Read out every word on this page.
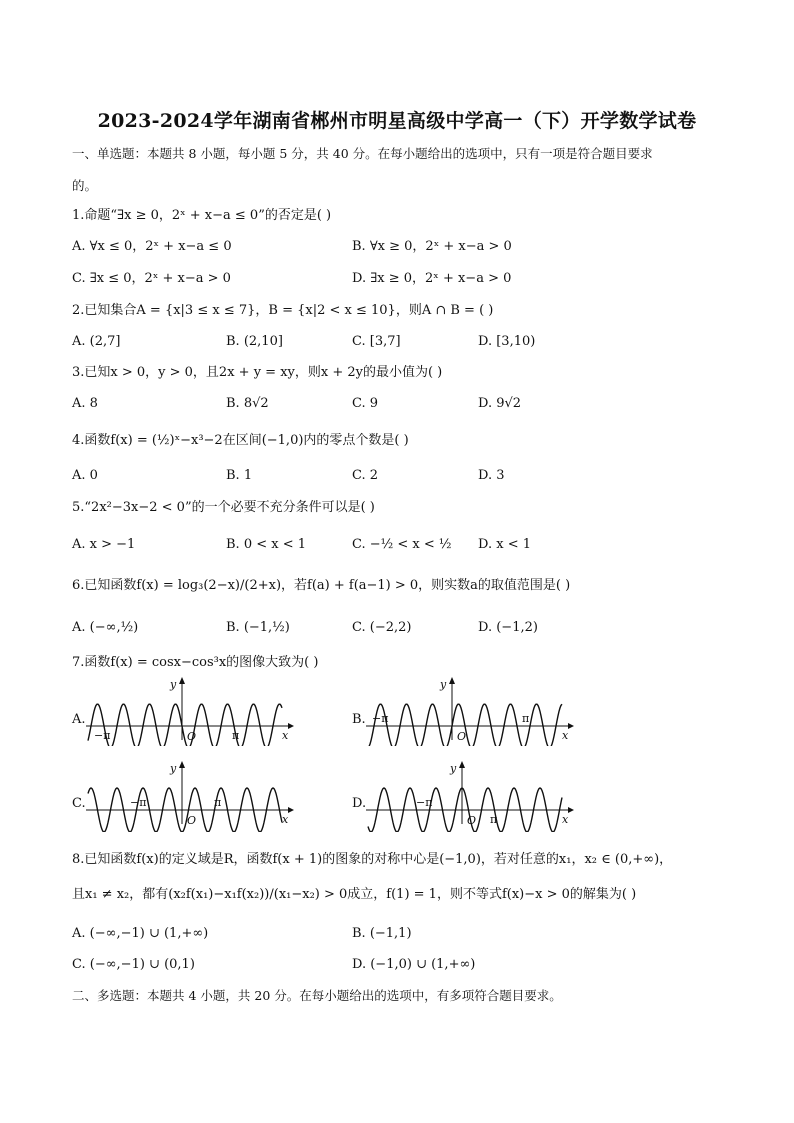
2023-2024学年湖南省郴州市明星高级中学高一（下）开学数学试卷
一、单选题：本题共 8 小题，每小题 5 分，共 40 分。在每小题给出的选项中，只有一项是符合题目要求
的。
1.命题“∃x ≥ 0，2ˣ + x−a ≤ 0”的否定是( )
A. ∀x ≤ 0，2ˣ + x−a ≤ 0	B. ∀x ≥ 0，2ˣ + x−a > 0
C. ∃x ≤ 0，2ˣ + x−a > 0	D. ∃x ≥ 0，2ˣ + x−a > 0
2.已知集合A = {x|3 ≤ x ≤ 7}，B = {x|2 < x ≤ 10}，则A ∩ B = ( )
A. (2,7]	B. (2,10]	C. [3,7]	D. [3,10)
3.已知x > 0，y > 0，且2x + y = xy，则x + 2y的最小值为( )
A. 8	B. 8√2	C. 9	D. 9√2
4.函数f(x) = (½)ˣ−x³−2在区间(−1,0)内的零点个数是( )
A. 0	B. 1	C. 2	D. 3
5.“2x²−3x−2 < 0”的一个必要不充分条件可以是( )
A. x > −1	B. 0 < x < 1	C. −½ < x < ½ D. x < 1
6.已知函数f(x) = log₃(2−x)/(2+x)，若f(a) + f(a−1) > 0，则实数a的取值范围是( )
A. (−∞,½)	B. (−1,½)	C. (−2,2)	D. (−1,2)
7.函数f(x) = cosx−cos³x的图像大致为( )
A.	B.
C.	D.
y
x
O	π
−π
y
x
O
π
−π
y
x
O
π
−π
y
x
O π
−π
8.已知函数f(x)的定义域是R，函数f(x + 1)的图象的对称中心是(−1,0)，若对任意的x₁，x₂ ∈ (0,+∞)，
且x₁ ≠ x₂，都有(x₂f(x₁)−x₁f(x₂))/(x₁−x₂) > 0成立，f(1) = 1，则不等式f(x)−x > 0的解集为( )
A. (−∞,−1) ∪ (1,+∞)	B. (−1,1)
C. (−∞,−1) ∪ (0,1)	D. (−1,0) ∪ (1,+∞)
二、多选题：本题共 4 小题，共 20 分。在每小题给出的选项中，有多项符合题目要求。
